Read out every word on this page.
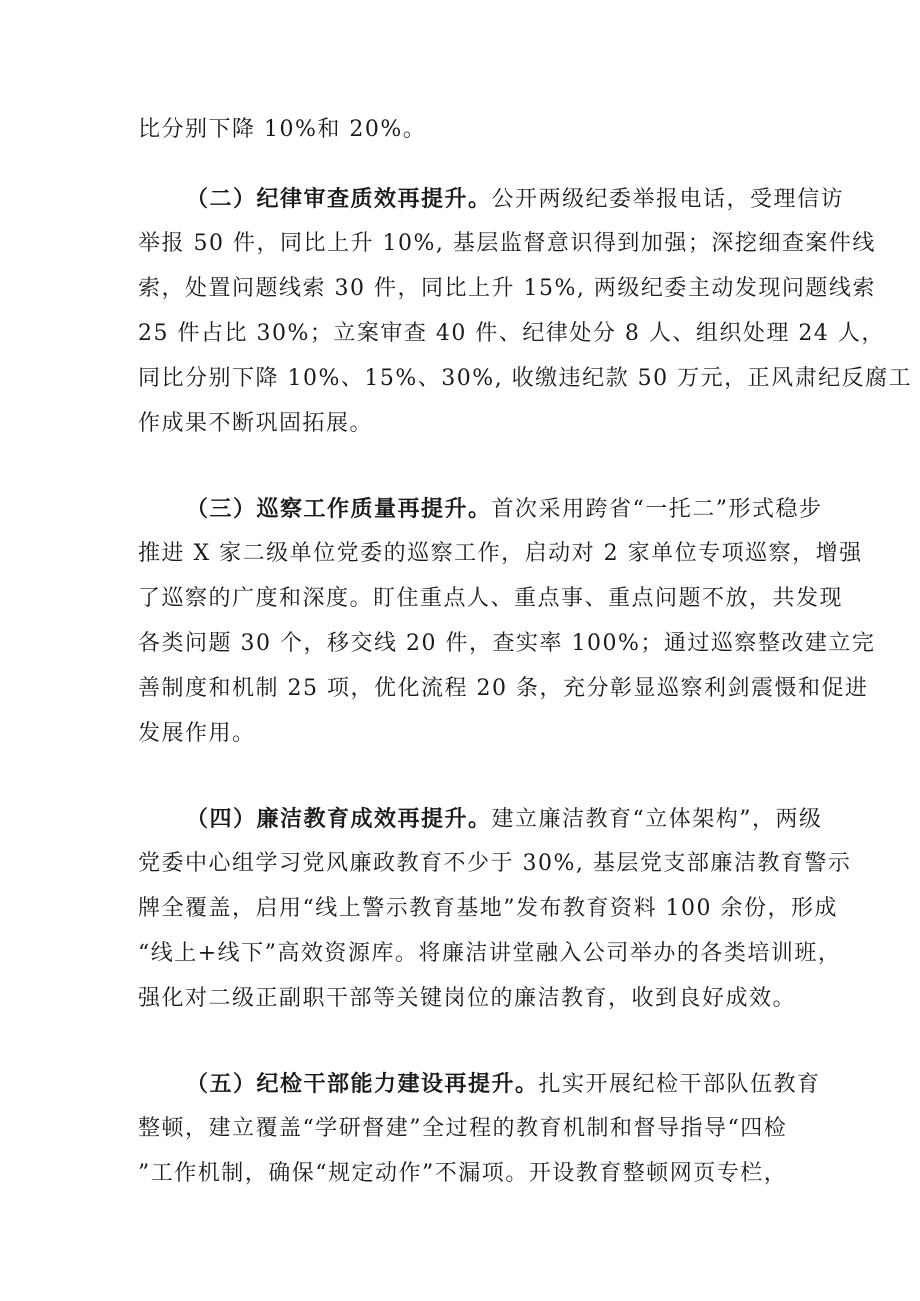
比分别下降 10%和 20%。
（二）纪律审查质效再提升。公开两级纪委举报电话，受理信访
举报 50 件，同比上升 10%, 基层监督意识得到加强；深挖细查案件线
索，处置问题线索 30 件，同比上升 15%, 两级纪委主动发现问题线索
25 件占比 30%；立案审查 40 件、纪律处分 8 人、组织处理 24 人，
同比分别下降 10%、15%、30%, 收缴违纪款 50 万元，正风肃纪反腐工
作成果不断巩固拓展。
（三）巡察工作质量再提升。首次采用跨省“一托二”形式稳步
推进 X 家二级单位党委的巡察工作，启动对 2 家单位专项巡察，增强
了巡察的广度和深度。盯住重点人、重点事、重点问题不放，共发现
各类问题 30 个，移交线 20 件，查实率 100%；通过巡察整改建立完
善制度和机制 25 项，优化流程 20 条，充分彰显巡察利剑震慑和促进
发展作用。
（四）廉洁教育成效再提升。建立廉洁教育“立体架构”，两级
党委中心组学习党风廉政教育不少于 30%, 基层党支部廉洁教育警示
牌全覆盖，启用“线上警示教育基地”发布教育资料 100 余份，形成
“线上+线下”高效资源库。将廉洁讲堂融入公司举办的各类培训班，
强化对二级正副职干部等关键岗位的廉洁教育，收到良好成效。
（五）纪检干部能力建设再提升。扎实开展纪检干部队伍教育
整顿，建立覆盖“学研督建”全过程的教育机制和督导指导“四检
”工作机制，确保“规定动作”不漏项。开设教育整顿网页专栏，
